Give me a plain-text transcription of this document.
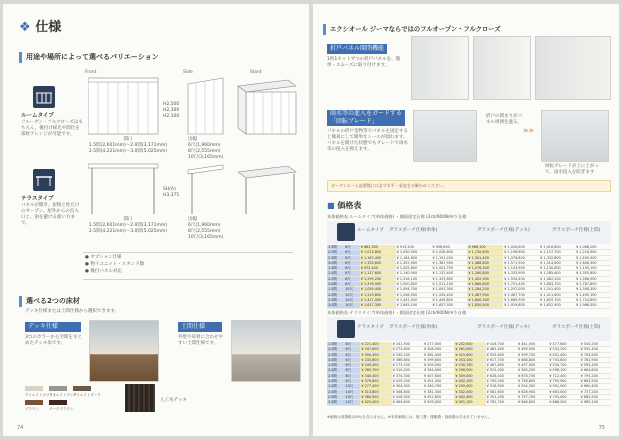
❖ 仕様
用途や場所によって選べるバリエーション
Front	Side	Slant
ルームタイプ
フルーブン・フルクローズはもちろん、後付け採光や間仕を部材アレンジが可能です。
H2,500
H2,300
H2,100
間口
1.5間(2,601mm)～2.0間(3,171mm)
2.5間(4,221mm)～3.0間(5,025mm)
出幅
6尺(1,960mm)
8尺(2,555mm)
10尺(3,165mm)
テラスタイプ
パネルが開き、屋根と柱だけのオープン。屋外からの出入口と、雨を避ける使い方まで。
SH(A)
H3,375
間口
1.5間(2,601mm)～2.0間(3,171mm)
2.5間(4,221mm)～3.0間(5,025mm)
出幅
6尺(1,960mm)
8尺(2,555mm)
10尺(3,165mm)
● オプション仕様
● 物干ユニット・スタンド類
● 後付パネル対応
選べる2つの床材
デッキ仕様または土間仕様から選択できます。
デッキ仕様
3つのカラーから空間をまとめたデッキ床です。
土間仕様
外壁や床材に合わせやすい土間仕様です。
クリエイトホワイト
クリエイトグレイ
クリエイトダーク
ブラウン	ダークブラウン
人工木デッキ
74
エクシオール ジーマならではのフルオープン・フルクローズ
折戸パネル開閉機能
1枚1セットずつの折戸パネルを、簡単・スムーズに取り付けます。
雨水等の進入をガードする「回転ブレード」
パネルの折戸金物等でパネルを固定すると簡易にして簡単なシールが図れます。パネルを開けた状態でもブレードで雨水等の侵入を抑えます。
折戸の閉まりがパネル周囲を遮る。
»»
回転ブレードが上に上がって、雨水侵入を防ぎます
ガーデンルーム設置後には必ず水平・垂直をお確かめください。
■ 価格表
本体価格表 ルームタイプ(単体価格) ・側面固定仕様 (2ch/600N/m²) 仕様
ルームタイプ ガラスポーチ仕様(単体)	ガラスポーチ仕様(デッキ)	ガラスポーチ仕様(土間)
1.5間	6尺	¥ 882,300	¥ 913,200	¥ 906,600	¥ 966,100	¥ 1,026,600	¥ 1,016,800	¥ 1,066,200
2.0間	6尺	¥ 1,013,600	¥ 1,030,500	¥ 1,028,600	¥ 1,130,600	¥ 1,196,600	¥ 1,157,700	¥ 1,218,900
2.5間	6尺	¥ 1,167,400	¥ 1,184,800	¥ 1,191,200	¥ 1,301,400	¥ 1,376,800	¥ 1,332,800	¥ 1,409,300
3.0間	6尺	¥ 1,333,600	¥ 1,352,900	¥ 1,361,900	¥ 1,488,800	¥ 1,571,900	¥ 1,514,600	¥ 1,606,300
1.5間	8尺	¥ 972,400	¥ 1,005,800	¥ 1,001,700	¥ 1,076,300	¥ 1,143,900	¥ 1,130,800	¥ 1,190,100
2.0間	8尺	¥ 1,117,600	¥ 1,140,900	¥ 1,137,400	¥ 1,260,800	¥ 1,333,900	¥ 1,285,600	¥ 1,355,800
2.5間	8尺	¥ 1,295,200	¥ 1,316,100	¥ 1,323,800	¥ 1,452,300	¥ 1,534,400	¥ 1,482,200	¥ 1,566,900
3.0間	8尺	¥ 1,476,900	¥ 1,500,800	¥ 1,511,100	¥ 1,660,800	¥ 1,751,400	¥ 1,683,700	¥ 1,787,800
1.5間	10尺	¥ 1,059,400	¥ 1,094,700	¥ 1,091,300	¥ 1,184,200	¥ 1,257,000	¥ 1,241,400	¥ 1,308,300
2.0間	10尺	¥ 1,219,800	¥ 1,246,500	¥ 1,243,400	¥ 1,387,900	¥ 1,467,700	¥ 1,411,800	¥ 1,490,100
2.5間	10尺	¥ 1,417,000	¥ 1,441,400	¥ 1,449,800	¥ 1,600,300	¥ 1,689,900	¥ 1,629,700	¥ 1,724,800
3.0間	10尺	¥ 1,617,300	¥ 1,645,100	¥ 1,657,500	¥ 1,830,900	¥ 1,929,800	¥ 1,852,900	¥ 1,968,500
本体価格表 テラスタイプ(単体価格) ・側面固定仕様 (2ch/600N/m²) 仕様
テラスタイプ ガラスポーチ仕様(単体)	ガラスポーチ仕様(デッキ)	ガラスポーチ仕様(土間)
1.5間	6尺	¥ 221,400	¥ 241,500	¥ 277,000	¥ 202,000	¥ 416,700	¥ 441,500	¥ 477,600	¥ 530,200
2.0間	6尺	¥ 247,600	¥ 273,600	¥ 308,500	¥ 261,000	¥ 462,400	¥ 499,500	¥ 533,200	¥ 592,400
2.5間	6尺	¥ 300,300	¥ 330,100	¥ 362,400	¥ 315,600	¥ 555,600	¥ 599,700	¥ 631,400	¥ 704,900
3.0間	6尺	¥ 333,800	¥ 368,800	¥ 399,800	¥ 353,100	¥ 617,700	¥ 668,800	¥ 703,600	¥ 781,900
1.5間	8尺	¥ 249,400	¥ 273,100	¥ 309,000	¥ 230,700	¥ 467,800	¥ 497,900	¥ 534,700	¥ 595,300
2.0間	8尺	¥ 280,700	¥ 310,200	¥ 344,900	¥ 296,500	¥ 522,000	¥ 563,200	¥ 598,100	¥ 664,800
2.5間	8尺	¥ 340,400	¥ 374,300	¥ 407,600	¥ 359,000	¥ 628,400	¥ 678,700	¥ 712,400	¥ 795,200
3.0間	8尺	¥ 379,600	¥ 419,200	¥ 451,400	¥ 402,100	¥ 700,200	¥ 758,800	¥ 795,900	¥ 883,500
1.5間	10尺	¥ 277,400	¥ 304,300	¥ 340,700	¥ 259,400	¥ 518,900	¥ 554,300	¥ 591,900	¥ 660,400
2.0間	10尺	¥ 313,800	¥ 346,800	¥ 381,300	¥ 332,000	¥ 581,600	¥ 626,900	¥ 663,000	¥ 737,200
2.5間	10尺	¥ 380,500	¥ 418,500	¥ 452,800	¥ 402,400	¥ 701,200	¥ 757,700	¥ 793,400	¥ 885,500
3.0間	10尺	¥ 425,400	¥ 469,600	¥ 503,000	¥ 451,100	¥ 782,700	¥ 848,800	¥ 888,200	¥ 985,100
※価格は消費税(10%)を含みません。※本体価格には、施工費・運搬費・諸経費は含まれていません。
75
